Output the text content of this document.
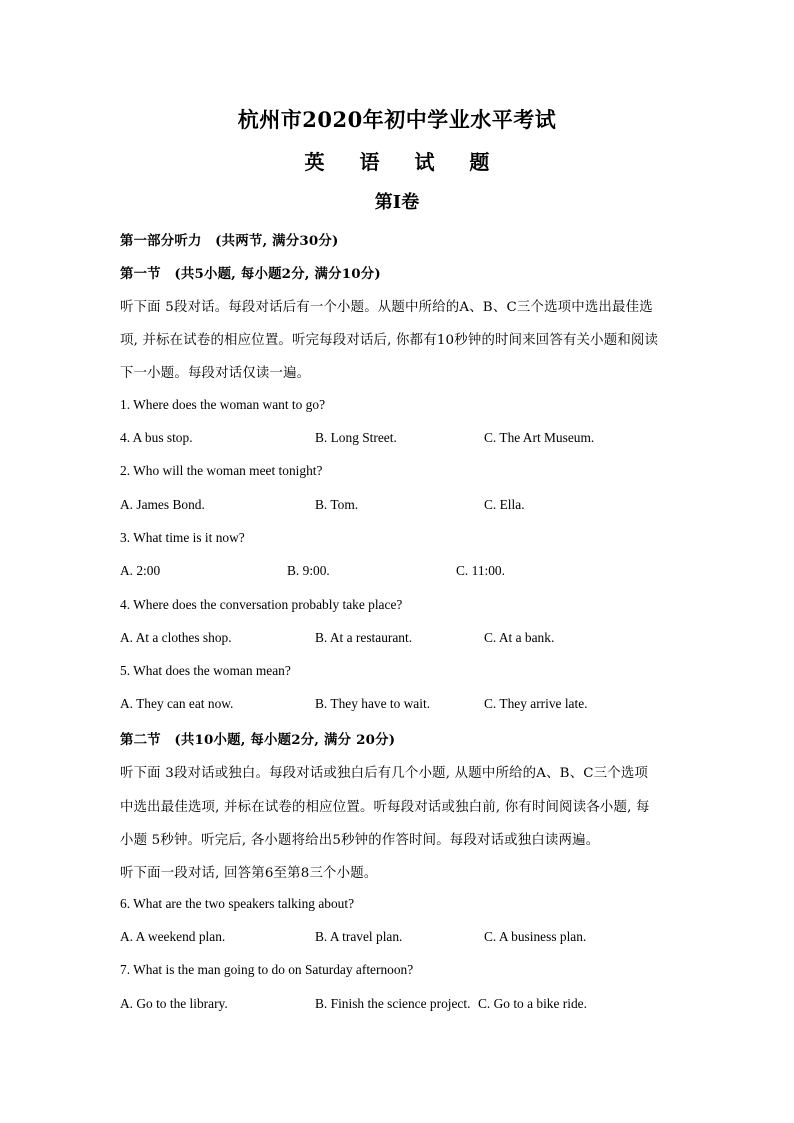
杭州市2020年初中学业水平考试
英 语 试 题
第I卷
第一部分听力　(共两节, 满分30分)
第一节　(共5小题, 每小题2分, 满分10分)
听下面 5段对话。每段对话后有一个小题。从题中所给的A、B、C三个选项中选出最佳选
项, 并标在试卷的相应位置。听完每段对话后, 你都有10秒钟的时间来回答有关小题和阅读
下一小题。每段对话仅读一遍。
1. Where does the woman want to go?
4. A bus stop.	B. Long Street.	C. The Art Museum.
2. Who will the woman meet tonight?
A. James Bond.	B. Tom.	C. Ella.
3. What time is it now?
A. 2:00	B. 9:00.	C. 11:00.
4. Where does the conversation probably take place?
A. At a clothes shop.	B. At a restaurant.	C. At a bank.
5. What does the woman mean?
A. They can eat now.	B. They have to wait.	C. They arrive late.
第二节　(共10小题, 每小题2分, 满分 20分)
听下面 3段对话或独白。每段对话或独白后有几个小题, 从题中所给的A、B、C三个选项
中选出最佳选项, 并标在试卷的相应位置。听每段对话或独白前, 你有时间阅读各小题, 每
小题 5秒钟。听完后, 各小题将给出5秒钟的作答时间。每段对话或独白读两遍。
听下面一段对话, 回答第6至第8三个小题。
6. What are the two speakers talking about?
A. A weekend plan.	B. A travel plan.	C. A business plan.
7. What is the man going to do on Saturday afternoon?
A. Go to the library.	B. Finish the science project. C. Go to a bike ride.
